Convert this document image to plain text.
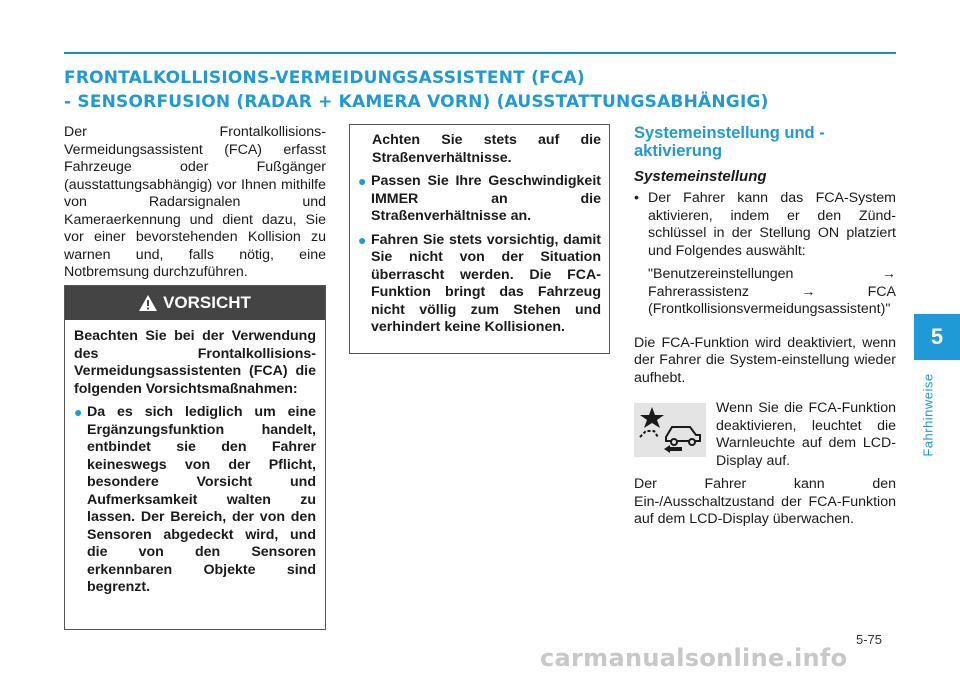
FRONTALKOLLISIONS-VERMEIDUNGSASSISTENT (FCA)
- SENSORFUSION (RADAR + KAMERA VORN) (AUSSTATTUNGSABHÄNGIG)

Der Frontalkollisions-Vermeidungsassistent (FCA) erfasst Fahrzeuge oder Fußgänger (ausstattungsabhängig) vor Ihnen mithilfe von Radarsignalen und Kameraerkennung und dient dazu, Sie vor einer bevorstehenden Kollision zu warnen und, falls nötig, eine Notbremsung durchzuführen.

VORSICHT

Beachten Sie bei der Verwendung des Frontalkollisions-Vermeidungsassistenten (FCA) die folgenden Vorsichtsmaßnahmen:

● Da es sich lediglich um eine Ergänzungsfunktion handelt, entbindet sie den Fahrer keineswegs von der Pflicht, besondere Vorsicht und Aufmerksamkeit walten zu lassen. Der Bereich, der von den Sensoren abgedeckt wird, und die von den Sensoren erkennbaren Objekte sind begrenzt.

Achten Sie stets auf die Straßenverhältnisse.

● Passen Sie Ihre Geschwindigkeit IMMER an die Straßenverhältnisse an.
● Fahren Sie stets vorsichtig, damit Sie nicht von der Situation überrascht werden. Die FCA-Funktion bringt das Fahrzeug nicht völlig zum Stehen und verhindert keine Kollisionen.

Systemeinstellung und -aktivierung

Systemeinstellung

• Der Fahrer kann das FCA-System aktivieren, indem er den Zünd-schlüssel in der Stellung ON platziert und Folgendes auswählt:
"Benutzereinstellungen	→
Fahrerassistenz	→	FCA
(Frontkollisionsvermeidungsassistent)"

Die FCA-Funktion wird deaktiviert, wenn der Fahrer die System-einstellung wieder aufhebt.

Wenn Sie die FCA-Funktion deaktivieren, leuchtet die Warnleuchte auf dem LCD-Display auf.

Der Fahrer kann den Ein-/Ausschaltzustand der FCA-Funktion auf dem LCD-Display überwachen.

5
Fahrhinweise
5-75
carmanualsonline.info
